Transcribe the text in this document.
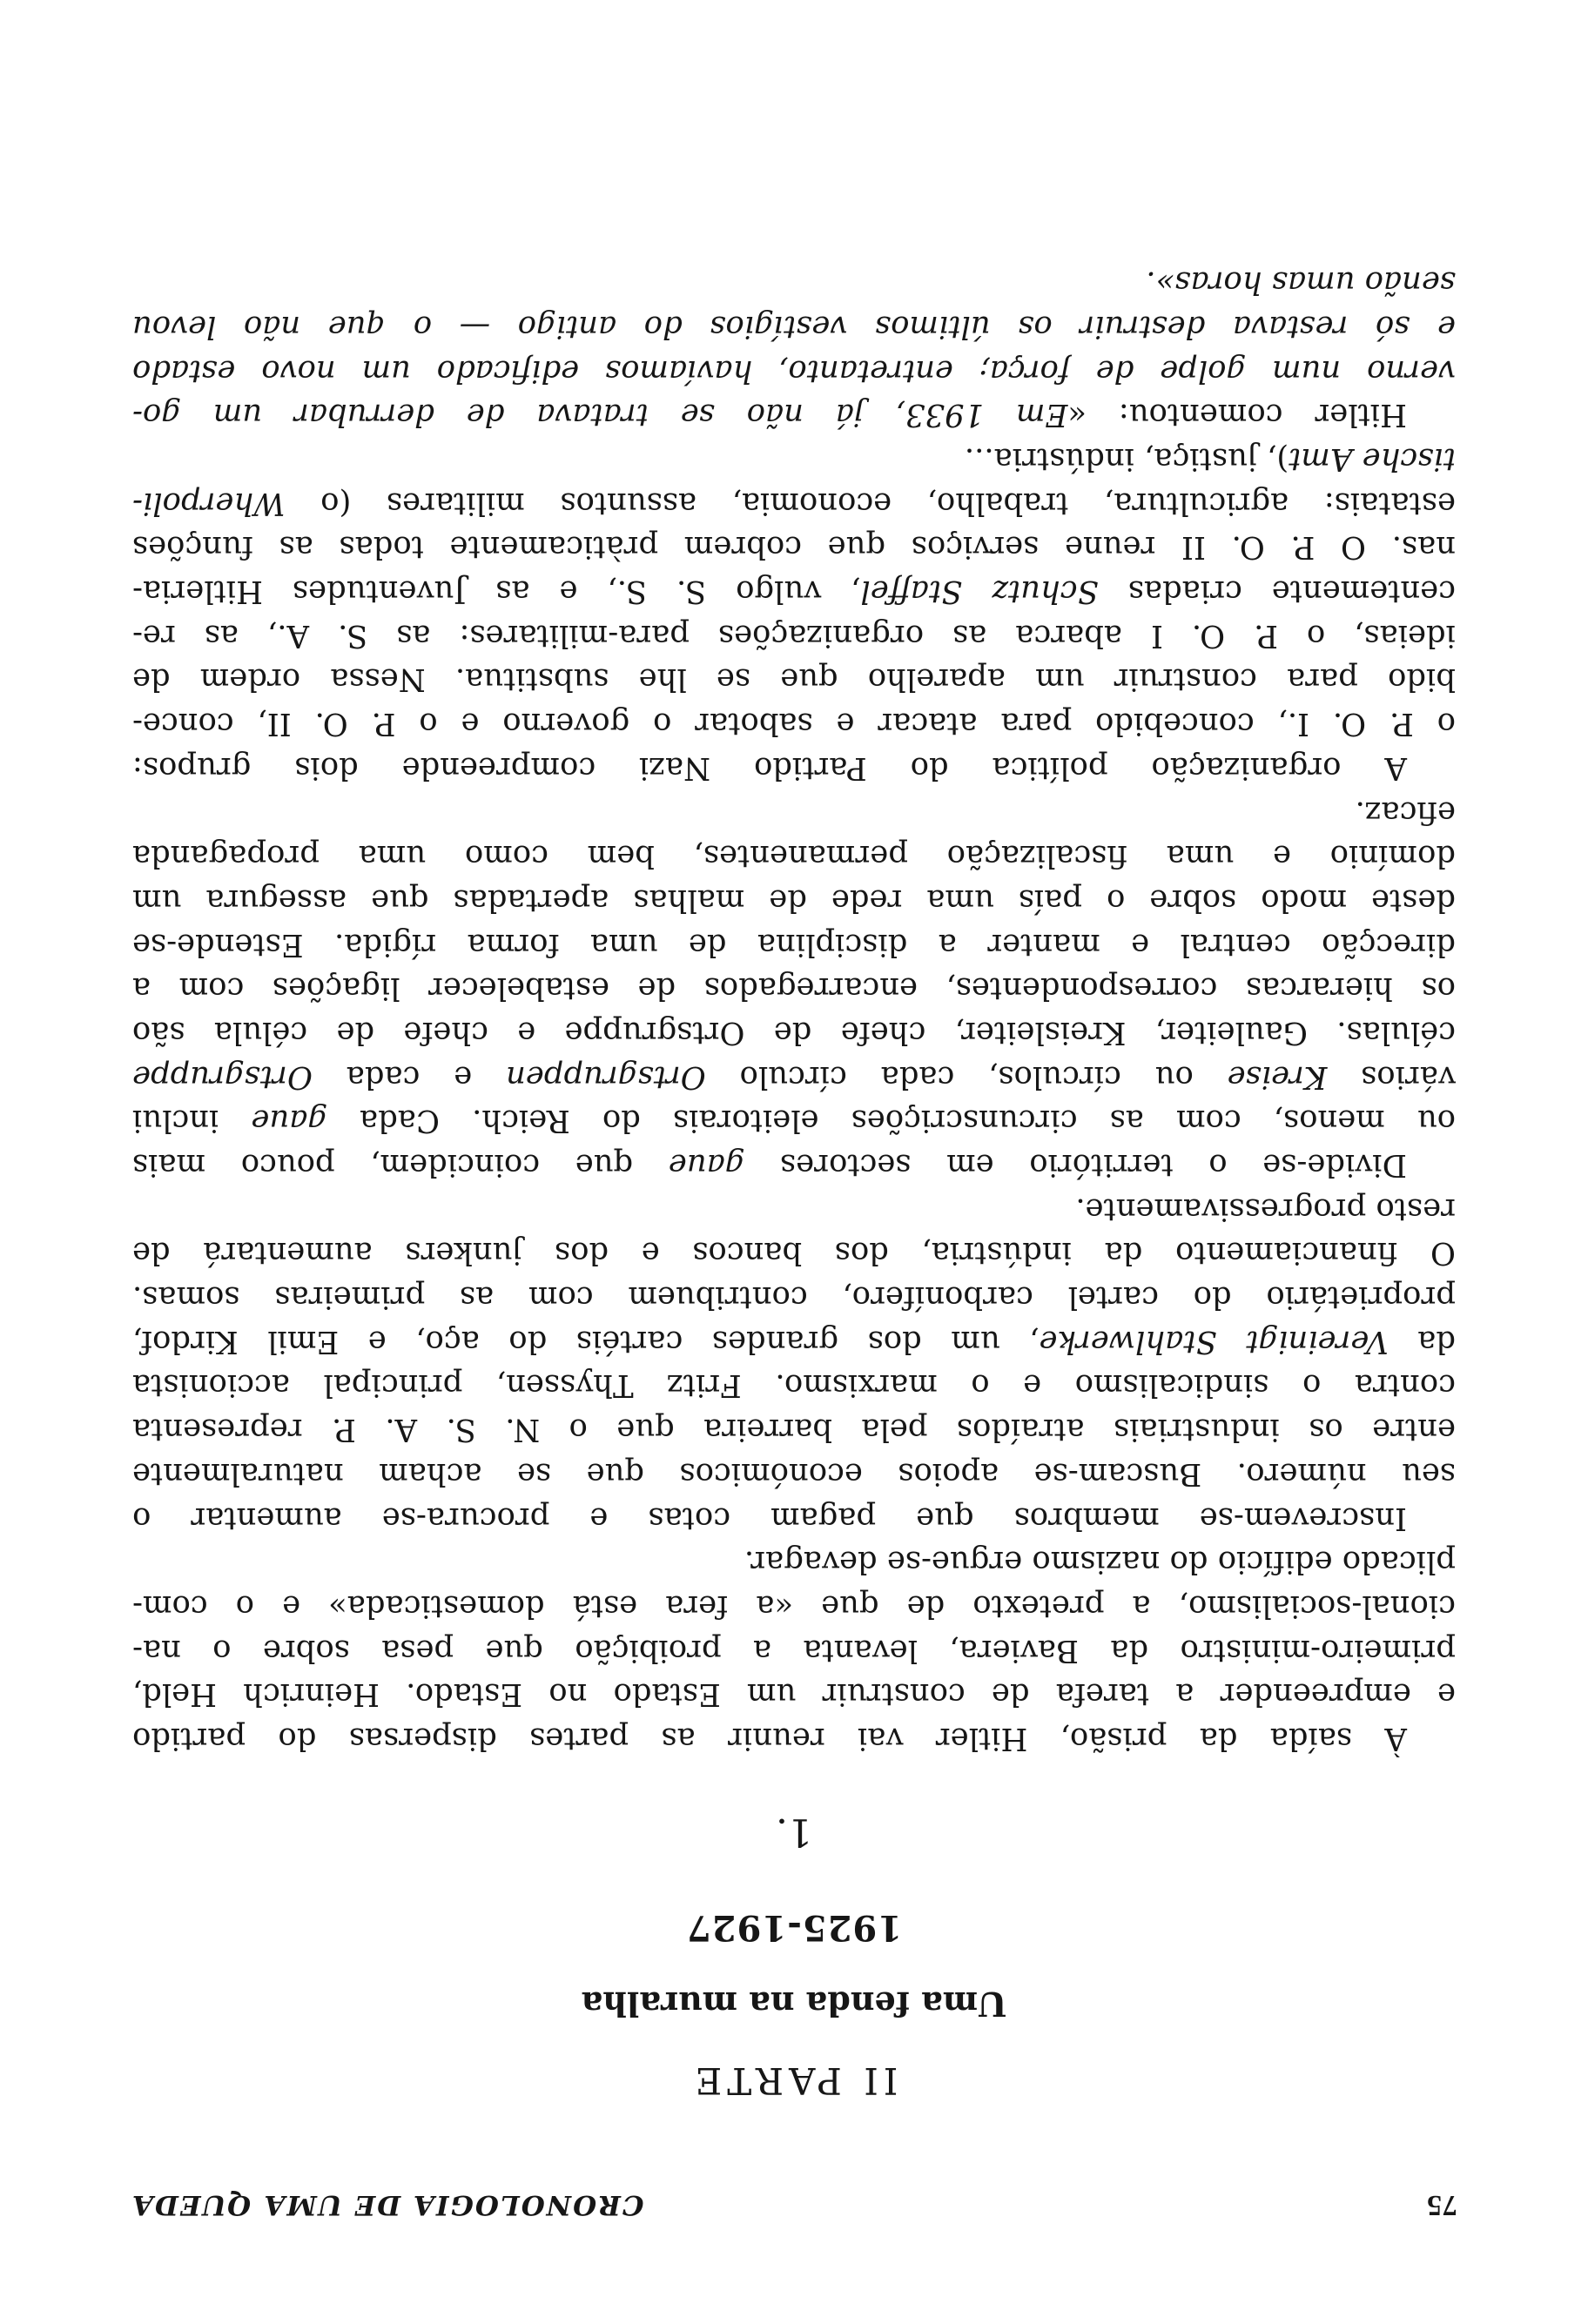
75
CRONOLOGIA DE UMA QUEDA
II PARTE
Uma fenda na muralha
1925-1927
1.
À saída da prisão, Hitler vai reunir as partes dispersas do partido
e empreender a tarefa de construir um Estado no Estado. Heinrich Held,
primeiro-ministro da Baviera, levanta a proibição que pesa sobre o na-
cional-socialismo, a pretexto de que «a fera está domesticada» e o com-
plicado edifício do nazismo ergue-se devagar.
Inscrevem-se membros que pagam cotas e procura-se aumentar o
seu número. Buscam-se apoios económicos que se acham naturalmente
entre os industriais atraídos pela barreira que o N. S. A. P. representa
contra o sindicalismo e o marxismo. Fritz Thyssen, principal accionista
da Vereinigt Stahlwerke, um dos grandes cartéis do aço, e Emil Kirdof,
proprietário do cartel carbonífero, contribuem com as primeiras somas.
O financiamento da indústria, dos bancos e dos junkers aumentará de
resto progressivamente.
Divide-se o território em sectores gaue que coincidem, pouco mais
ou menos, com as circunscrições eleitorais do Reich. Cada gaue inclui
vários Kreise ou círculos, cada círculo Ortsgruppen e cada Ortsgruppe
células. Gauleiter, Kreisleiter, chefe de Ortsgruppe e chefe de célula são
os hierarcas correspondentes, encarregados de estabelecer ligações com a
direcção central e manter a disciplina de uma forma rígida. Estende-se
deste modo sobre o país uma rede de malhas apertadas que assegura um
domínio e uma fiscalização permanentes, bem como uma propaganda
eficaz.
A organização política do Partido Nazi compreende dois grupos:
o P. O. I., concebido para atacar e sabotar o governo e o P. O. II, conce-
bido para construir um aparelho que se lhe substitua. Nessa ordem de
ideias, o P. O. I abarca as organizações para-militares: as S. A., as re-
centemente criadas Schutz Staffel, vulgo S. S., e as Juventudes Hitleria-
nas. O P. O. II reune serviços que cobrem pràticamente todas as funções
estatais: agricultura, trabalho, economia, assuntos militares (o Wherpoli-
tische Amt), justiça, indústria...
Hitler comentou: «Em 1933, já não se tratava de derrubar um go-
verno num golpe de força; entretanto, havíamos edificado um novo estado
e só restava destruir os últimos vestígios do antigo — o que não levou
senão umas horas».
